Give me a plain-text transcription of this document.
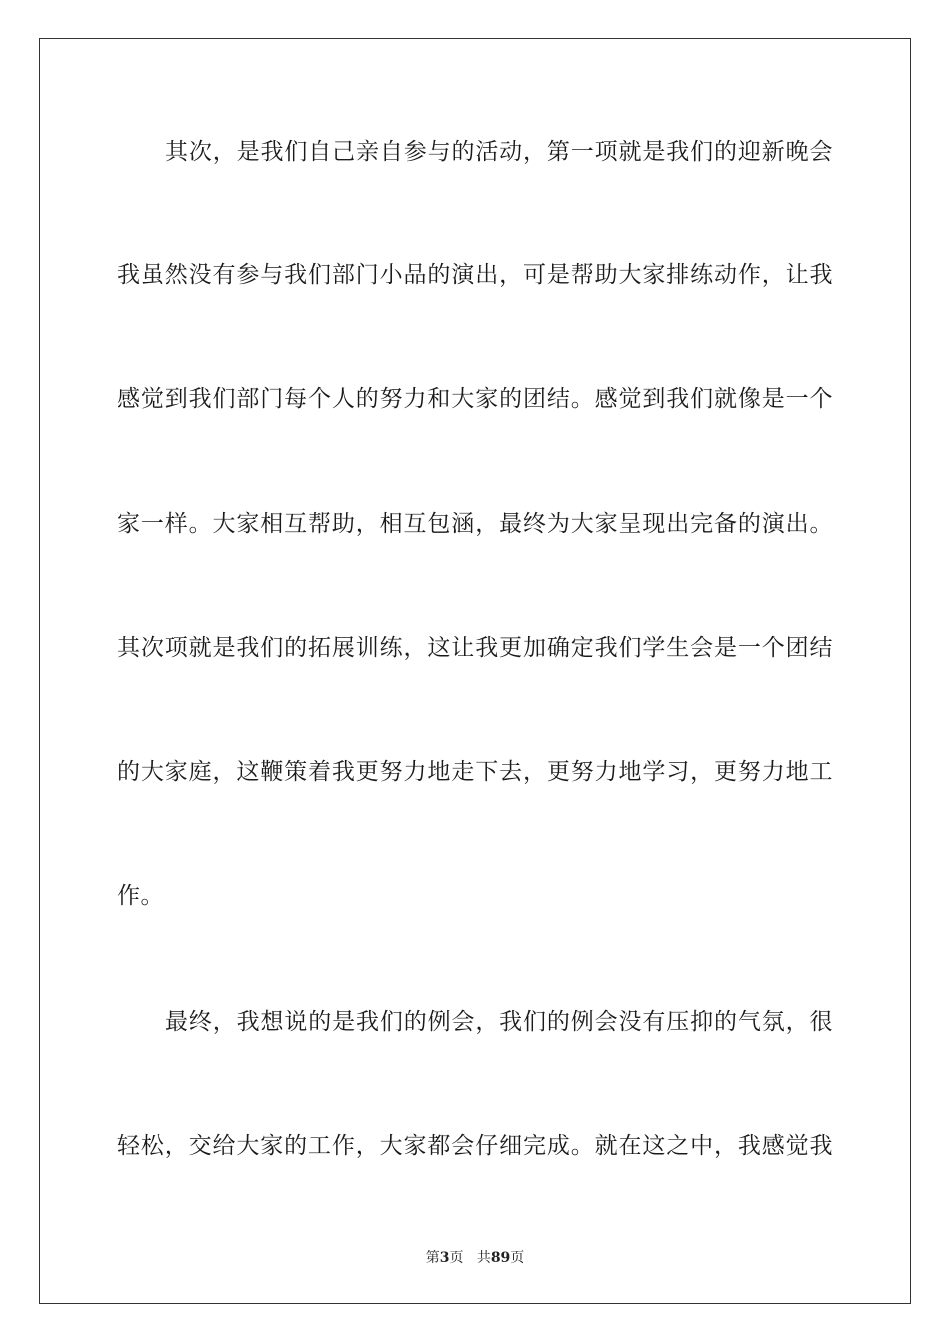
其次，是我们自己亲自参与的活动，第一项就是我们的迎新晚会
我虽然没有参与我们部门小品的演出，可是帮助大家排练动作，让我
感觉到我们部门每个人的努力和大家的团结。感觉到我们就像是一个
家一样。大家相互帮助，相互包涵，最终为大家呈现出完备的演出。
其次项就是我们的拓展训练，这让我更加确定我们学生会是一个团结
的大家庭，这鞭策着我更努力地走下去，更努力地学习，更努力地工
作。
最终，我想说的是我们的例会，我们的例会没有压抑的气氛，很
轻松，交给大家的工作，大家都会仔细完成。就在这之中，我感觉我
第3页 共89页
